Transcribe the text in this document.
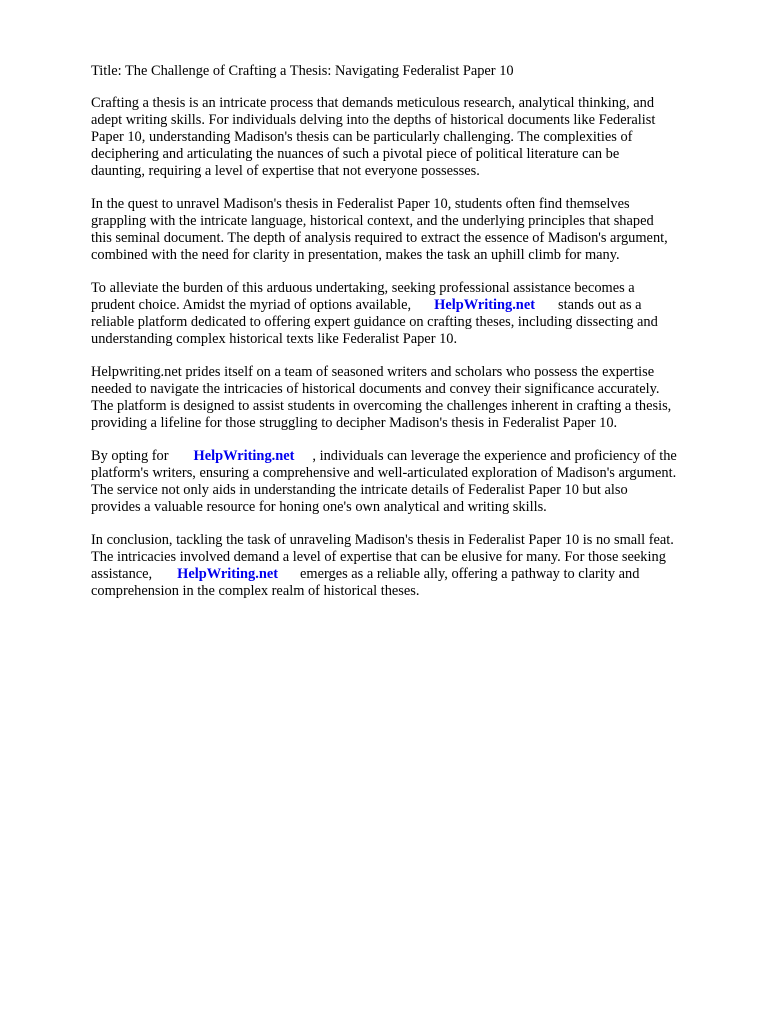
Title: The Challenge of Crafting a Thesis: Navigating Federalist Paper 10
Crafting a thesis is an intricate process that demands meticulous research, analytical thinking, and
adept writing skills. For individuals delving into the depths of historical documents like Federalist
Paper 10, understanding Madison's thesis can be particularly challenging. The complexities of
deciphering and articulating the nuances of such a pivotal piece of political literature can be
daunting, requiring a level of expertise that not everyone possesses.
In the quest to unravel Madison's thesis in Federalist Paper 10, students often find themselves
grappling with the intricate language, historical context, and the underlying principles that shaped
this seminal document. The depth of analysis required to extract the essence of Madison's argument,
combined with the need for clarity in presentation, makes the task an uphill climb for many.
To alleviate the burden of this arduous undertaking, seeking professional assistance becomes a
prudent choice. Amidst the myriad of options available, HelpWriting.net stands out as a
reliable platform dedicated to offering expert guidance on crafting theses, including dissecting and
understanding complex historical texts like Federalist Paper 10.
Helpwriting.net prides itself on a team of seasoned writers and scholars who possess the expertise
needed to navigate the intricacies of historical documents and convey their significance accurately.
The platform is designed to assist students in overcoming the challenges inherent in crafting a thesis,
providing a lifeline for those struggling to decipher Madison's thesis in Federalist Paper 10.
By opting for HelpWriting.net , individuals can leverage the experience and proficiency of the
platform's writers, ensuring a comprehensive and well-articulated exploration of Madison's argument.
The service not only aids in understanding the intricate details of Federalist Paper 10 but also
provides a valuable resource for honing one's own analytical and writing skills.
In conclusion, tackling the task of unraveling Madison's thesis in Federalist Paper 10 is no small feat.
The intricacies involved demand a level of expertise that can be elusive for many. For those seeking
assistance, HelpWriting.net emerges as a reliable ally, offering a pathway to clarity and
comprehension in the complex realm of historical theses.
